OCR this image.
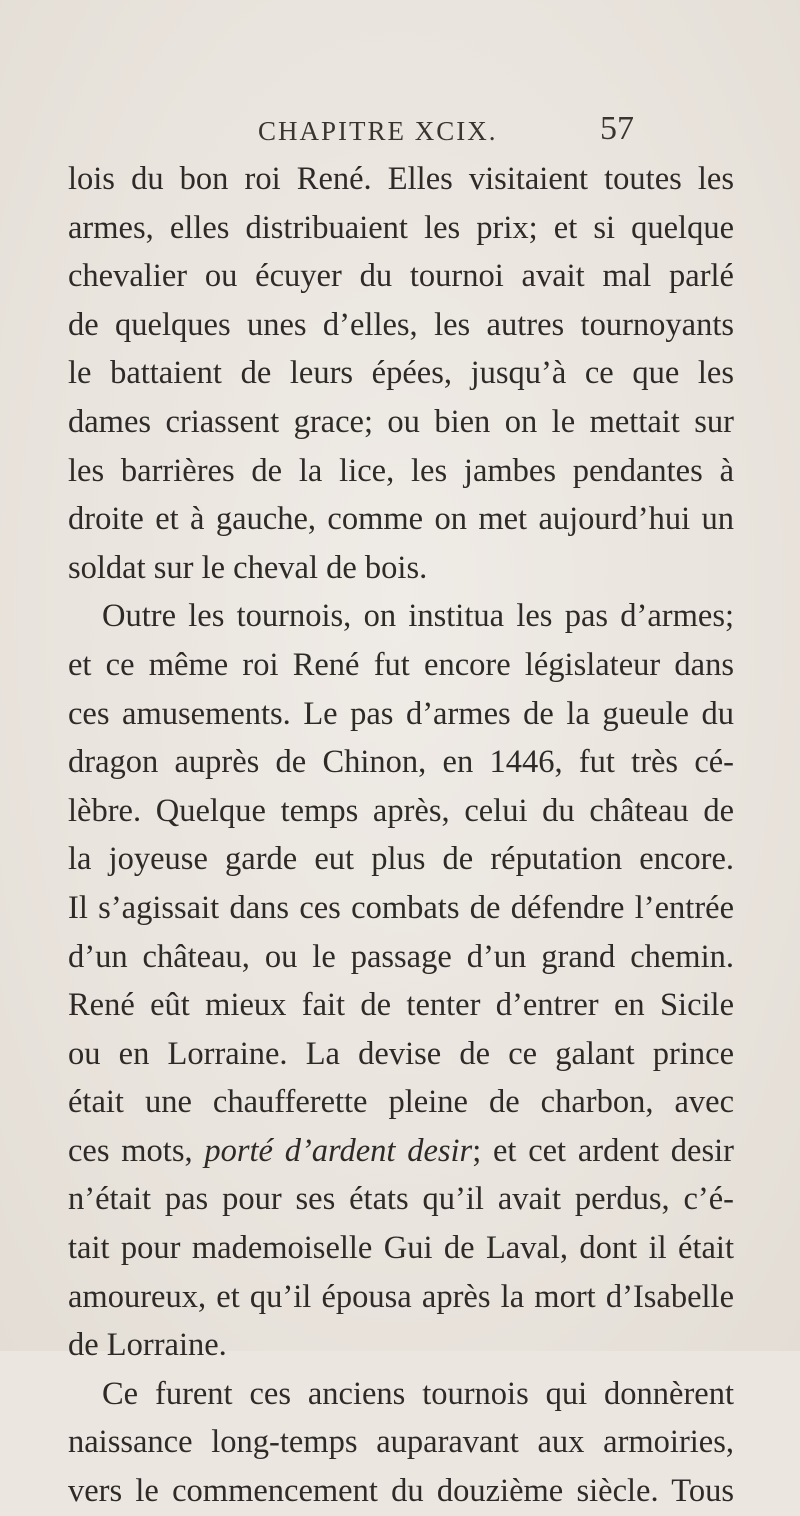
CHAPITRE XCIX.	57
lois du bon roi René. Elles visitaient toutes les
armes, elles distribuaient les prix; et si quelque
chevalier ou écuyer du tournoi avait mal parlé
de quelques unes d’elles, les autres tournoyants
le battaient de leurs épées, jusqu’à ce que les
dames criassent grace; ou bien on le mettait sur
les barrières de la lice, les jambes pendantes à
droite et à gauche, comme on met aujourd’hui un
soldat sur le cheval de bois.
Outre les tournois, on institua les pas d’armes;
et ce même roi René fut encore législateur dans
ces amusements. Le pas d’armes de la gueule du
dragon auprès de Chinon, en 1446, fut très cé-
lèbre. Quelque temps après, celui du château de
la joyeuse garde eut plus de réputation encore.
Il s’agissait dans ces combats de défendre l’entrée
d’un château, ou le passage d’un grand chemin.
René eût mieux fait de tenter d’entrer en Sicile
ou en Lorraine. La devise de ce galant prince
était une chaufferette pleine de charbon, avec
ces mots, porté d’ardent desir; et cet ardent desir
n’était pas pour ses états qu’il avait perdus, c’é-
tait pour mademoiselle Gui de Laval, dont il était
amoureux, et qu’il épousa après la mort d’Isabelle
de Lorraine.
Ce furent ces anciens tournois qui donnèrent
naissance long-temps auparavant aux armoiries,
vers le commencement du douzième siècle. Tous
